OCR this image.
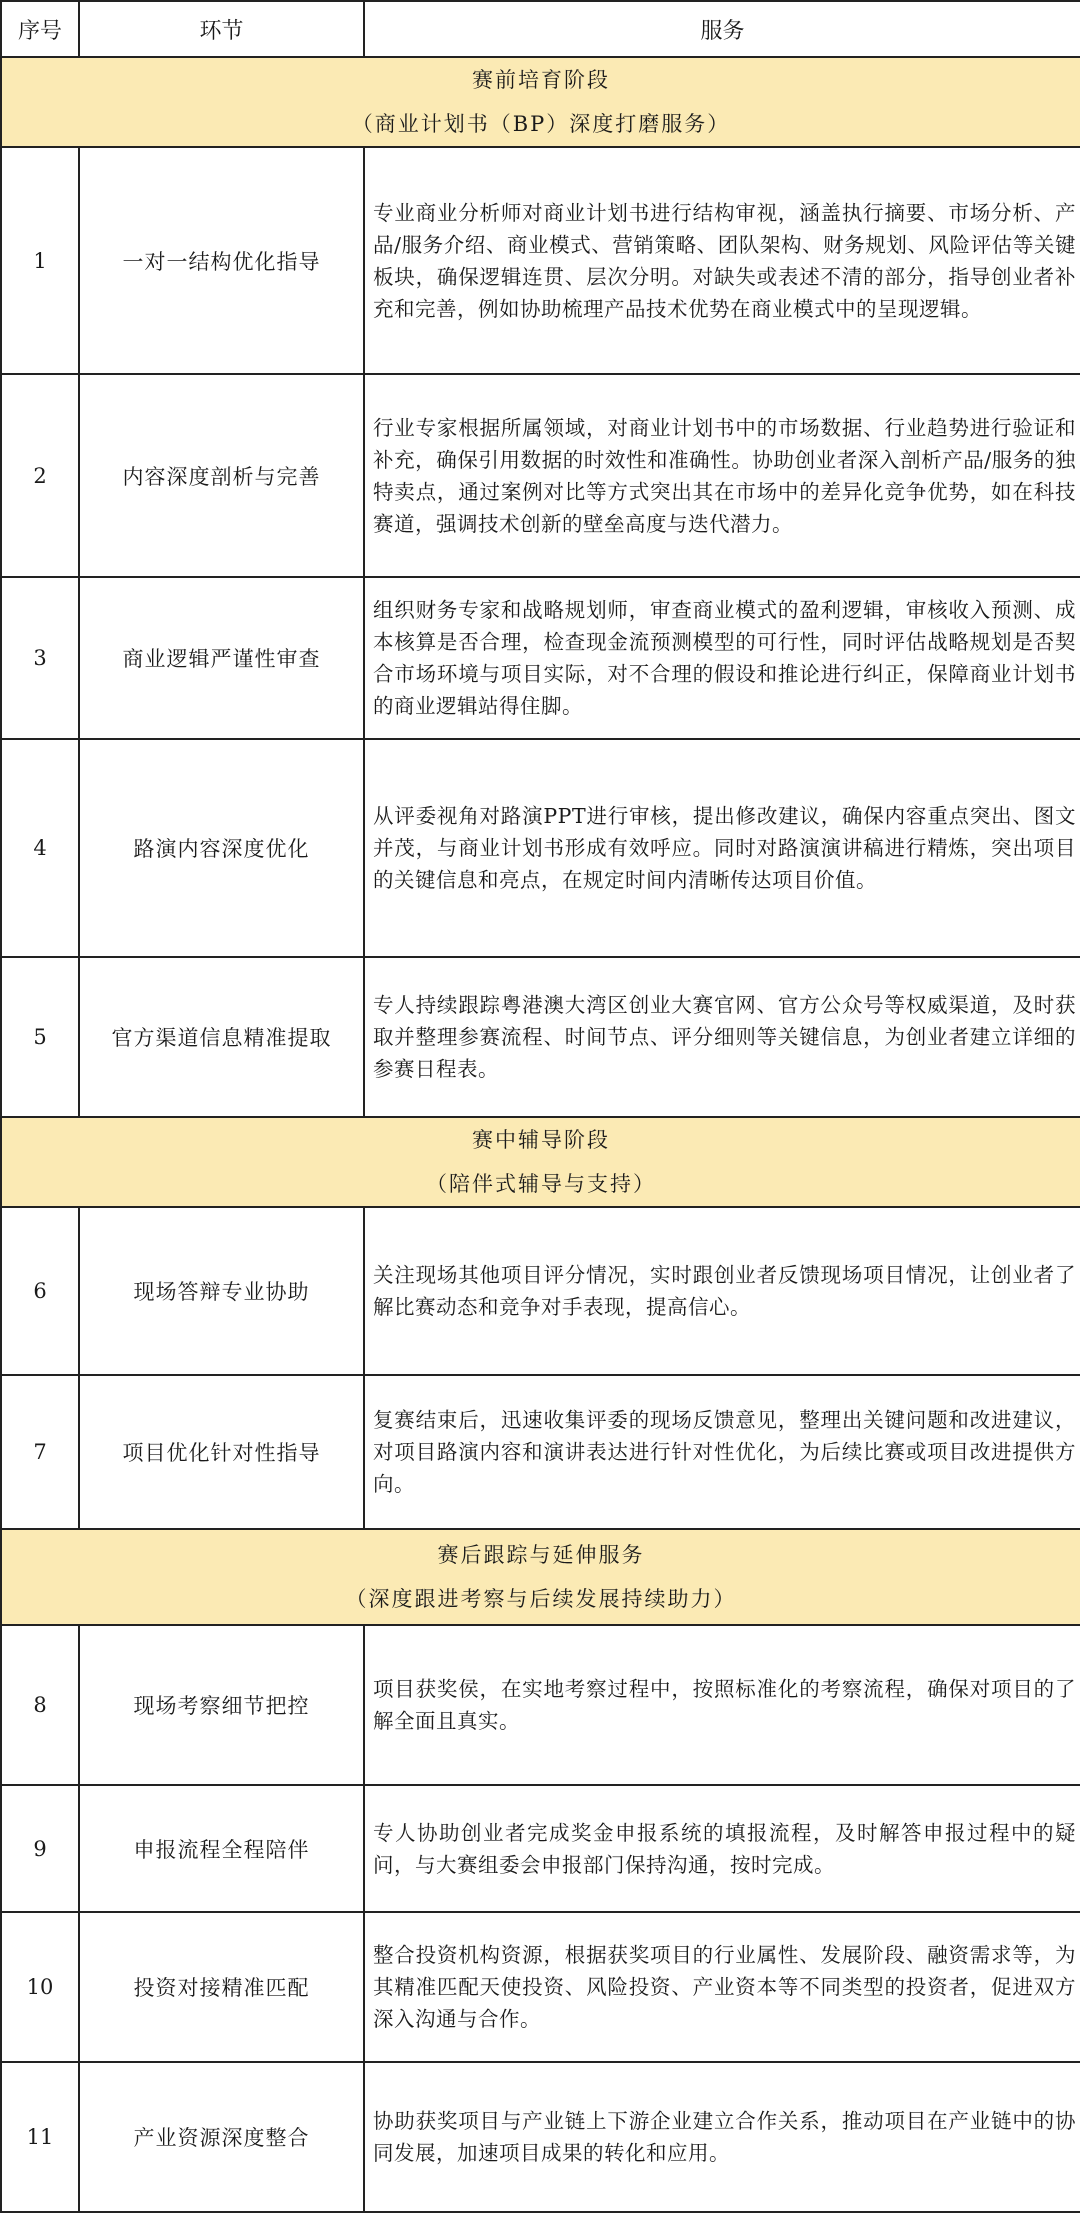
序号	环节	服务

赛前培育阶段
（商业计划书（BP）深度打磨服务）		

1	一对一结构优化指导	专业商业分析师对商业计划书进行结构审视，涵盖执行摘要、市场分析、产品/服务介绍、商业模式、营销策略、团队架构、财务规划、风险评估等关键板块，确保逻辑连贯、层次分明。对缺失或表述不清的部分，指导创业者补充和完善，例如协助梳理产品技术优势在商业模式中的呈现逻辑。
2	内容深度剖析与完善	行业专家根据所属领域，对商业计划书中的市场数据、行业趋势进行验证和补充，确保引用数据的时效性和准确性。协助创业者深入剖析产品/服务的独特卖点，通过案例对比等方式突出其在市场中的差异化竞争优势，如在科技赛道，强调技术创新的壁垒高度与迭代潜力。
3	商业逻辑严谨性审查	组织财务专家和战略规划师，审查商业模式的盈利逻辑，审核收入预测、成本核算是否合理，检查现金流预测模型的可行性，同时评估战略规划是否契合市场环境与项目实际，对不合理的假设和推论进行纠正，保障商业计划书的商业逻辑站得住脚。
4	路演内容深度优化	从评委视角对路演PPT进行审核，提出修改建议，确保内容重点突出、图文并茂，与商业计划书形成有效呼应。同时对路演演讲稿进行精炼，突出项目的关键信息和亮点，在规定时间内清晰传达项目价值。
5	官方渠道信息精准提取	专人持续跟踪粤港澳大湾区创业大赛官网、官方公众号等权威渠道，及时获取并整理参赛流程、时间节点、评分细则等关键信息，为创业者建立详细的参赛日程表。

赛中辅导阶段
（陪伴式辅导与支持）		

6	现场答辩专业协助	关注现场其他项目评分情况，实时跟创业者反馈现场项目情况，让创业者了解比赛动态和竞争对手表现，提高信心。
7	项目优化针对性指导	复赛结束后，迅速收集评委的现场反馈意见，整理出关键问题和改进建议，对项目路演内容和演讲表达进行针对性优化，为后续比赛或项目改进提供方向。

赛后跟踪与延伸服务
（深度跟进考察与后续发展持续助力）		

8	现场考察细节把控	项目获奖侯，在实地考察过程中，按照标准化的考察流程，确保对项目的了解全面且真实。
9	申报流程全程陪伴	专人协助创业者完成奖金申报系统的填报流程，及时解答申报过程中的疑问，与大赛组委会申报部门保持沟通，按时完成。
10	投资对接精准匹配	整合投资机构资源，根据获奖项目的行业属性、发展阶段、融资需求等，为其精准匹配天使投资、风险投资、产业资本等不同类型的投资者，促进双方深入沟通与合作。
11	产业资源深度整合	协助获奖项目与产业链上下游企业建立合作关系，推动项目在产业链中的协同发展，加速项目成果的转化和应用。
